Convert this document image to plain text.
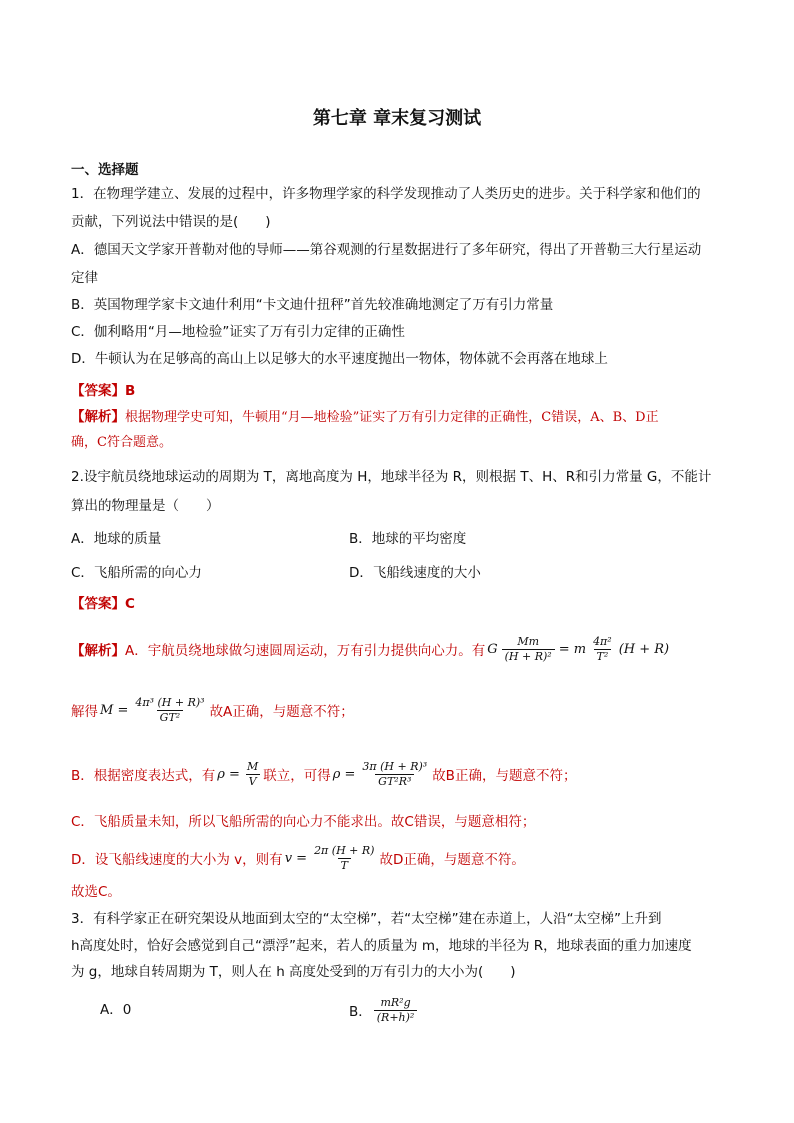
第七章 章末复习测试
一、选择题
1．在物理学建立、发展的过程中，许多物理学家的科学发现推动了人类历史的进步。关于科学家和他们的
贡献，下列说法中错误的是(　　)
A．德国天文学家开普勒对他的导师——第谷观测的行星数据进行了多年研究，得出了开普勒三大行星运动
定律
B．英国物理学家卡文迪什利用“卡文迪什扭秤”首先较准确地测定了万有引力常量
C．伽利略用“月—地检验”证实了万有引力定律的正确性
D．牛顿认为在足够高的高山上以足够大的水平速度抛出一物体，物体就不会再落在地球上
【答案】B
【解析】根据物理学史可知，牛顿用“月—地检验”证实了万有引力定律的正确性，C错误，A、B、D正
确，C符合题意。
2.设宇航员绕地球运动的周期为 T，离地高度为 H，地球半径为 R，则根据 T、H、R和引力常量 G，不能计
算出的物理量是（　　）
A．地球的质量	B．地球的平均密度
C．飞船所需的向心力	D．飞船线速度的大小
【答案】C
【解析】 A．宇航员绕地球做匀速圆周运动，万有引力提供向心力。有 G $\frac{Mm}{\text{(H + R)²}} = m \frac{\text{4π²}}{\text{T²}} (H + R)$
解得 $M = \frac{\text{4π³ (H + R)³}}{\text{GT²}}$ 故A正确，与题意不符；
B．根据密度表达式，有 $\rho = \frac{M}{V}$ 联立，可得 $\rho = \frac{\text{3π (H + R)³}}{\text{GT²R³}}$ 故B正确，与题意不符；
C．飞船质量未知，所以飞船所需的向心力不能求出。故C错误，与题意相符；
D．设飞船线速度的大小为 v，则有 $v = \frac{2\pi (H + R)}{T}$ 故D正确，与题意不符。
故选C。
3．有科学家正在研究架设从地面到太空的“太空梯”，若“太空梯”建在赤道上，人沿“太空梯”上升到
h高度处时，恰好会感觉到自己“漂浮”起来，若人的质量为 m，地球的半径为 R，地球表面的重力加速度
为 g，地球自转周期为 T，则人在 h 高度处受到的万有引力的大小为(　　)
A．0	B． $\frac{\text{mR²g}}{\text{(R+h)²}}$
